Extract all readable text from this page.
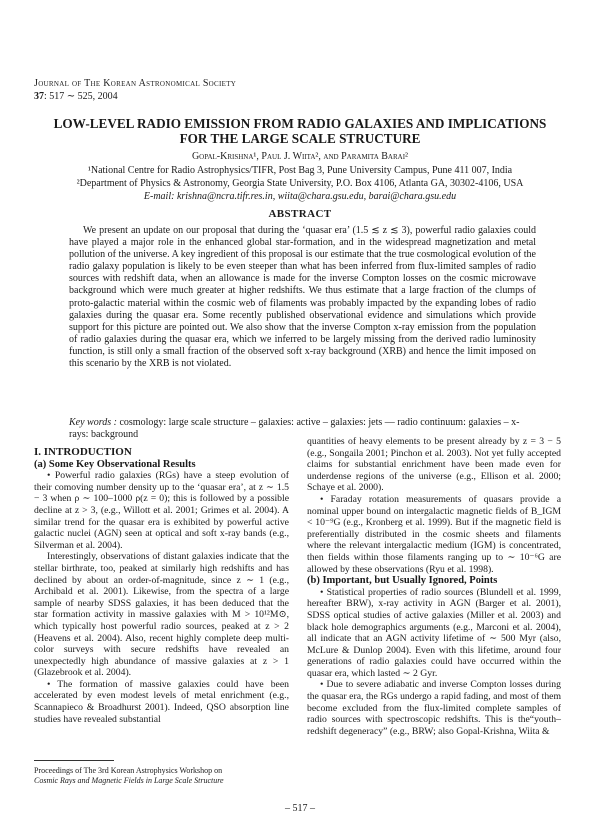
Journal of The Korean Astronomical Society
37: 517 ∼ 525, 2004
LOW-LEVEL RADIO EMISSION FROM RADIO GALAXIES AND IMPLICATIONS FOR THE LARGE SCALE STRUCTURE
Gopal-Krishna¹, Paul J. Wiita², and Paramita Barai²
¹National Centre for Radio Astrophysics/TIFR, Post Bag 3, Pune University Campus, Pune 411 007, India
²Department of Physics & Astronomy, Georgia State University, P.O. Box 4106, Atlanta GA, 30302-4106, USA
E-mail: krishna@ncra.tifr.res.in, wiita@chara.gsu.edu, barai@chara.gsu.edu
ABSTRACT
We present an update on our proposal that during the ‘quasar era’ (1.5 ≲ z ≲ 3), powerful radio galaxies could have played a major role in the enhanced global star-formation, and in the widespread magnetization and metal pollution of the universe. A key ingredient of this proposal is our estimate that the true cosmological evolution of the radio galaxy population is likely to be even steeper than what has been inferred from flux-limited samples of radio sources with redshift data, when an allowance is made for the inverse Compton losses on the cosmic microwave background which were much greater at higher redshifts. We thus estimate that a large fraction of the clumps of proto-galactic material within the cosmic web of filaments was probably impacted by the expanding lobes of radio galaxies during the quasar era. Some recently published observational evidence and simulations which provide support for this picture are pointed out. We also show that the inverse Compton x-ray emission from the population of radio galaxies during the quasar era, which we inferred to be largely missing from the derived radio luminosity function, is still only a small fraction of the observed soft x-ray background (XRB) and hence the limit imposed on this scenario by the XRB is not violated.
Key words : cosmology: large scale structure – galaxies: active – galaxies: jets — radio continuum: galaxies – x-rays: background

I. INTRODUCTION

(a) Some Key Observational Results

• Powerful radio galaxies (RGs) have a steep evolution of their comoving number density up to the ‘quasar era’, at z ∼ 1.5 − 3 when ρ ∼ 100–1000 ρ(z = 0); this is followed by a possible decline at z > 3, (e.g., Willott et al. 2001; Grimes et al. 2004). A similar trend for the quasar era is exhibited by powerful active galactic nuclei (AGN) seen at optical and soft x-ray bands (e.g., Silverman et al. 2004).

Interestingly, observations of distant galaxies indicate that the stellar birthrate, too, peaked at similarly high redshifts and has declined by about an order-of-magnitude, since z ∼ 1 (e.g., Archibald et al. 2001). Likewise, from the spectra of a large sample of nearby SDSS galaxies, it has been deduced that the star formation activity in massive galaxies with M > 10¹²M⊙, which typically host powerful radio sources, peaked at z > 2 (Heavens et al. 2004). Also, recent highly complete deep multi-color surveys with secure redshifts have revealed an unexpectedly high abundance of massive galaxies at z > 1 (Glazebrook et al. 2004).

• The formation of massive galaxies could have been accelerated by even modest levels of metal enrichment (e.g., Scannapieco & Broadhurst 2001). Indeed, QSO absorption line studies have revealed substantial

quantities of heavy elements to be present already by z = 3 − 5 (e.g., Songaila 2001; Pinchon et al. 2003). Not yet fully accepted claims for substantial enrichment have been made even for underdense regions of the universe (e.g., Ellison et al. 2000; Schaye et al. 2000).

• Faraday rotation measurements of quasars provide a nominal upper bound on intergalactic magnetic fields of B_IGM < 10⁻⁹G (e.g., Kronberg et al. 1999). But if the magnetic field is preferentially distributed in the cosmic sheets and filaments where the relevant intergalactic medium (IGM) is concentrated, then fields within those filaments ranging up to ∼ 10⁻⁶G are allowed by these observations (Ryu et al. 1998).

(b) Important, but Usually Ignored, Points

• Statistical properties of radio sources (Blundell et al. 1999, hereafter BRW), x-ray activity in AGN (Barger et al. 2001), SDSS optical studies of active galaxies (Miller et al. 2003) and black hole demographics arguments (e.g., Marconi et al. 2004), all indicate that an AGN activity lifetime of ∼ 500 Myr (also, McLure & Dunlop 2004). Even with this lifetime, around four generations of radio galaxies could have occurred within the quasar era, which lasted ∼ 2 Gyr.

• Due to severe adiabatic and inverse Compton losses during the quasar era, the RGs undergo a rapid fading, and most of them become excluded from the flux-limited complete samples of radio sources with spectroscopic redshifts. This is the“youth–redshift degeneracy” (e.g., BRW; also Gopal-Krishna, Wiita &

Proceedings of The 3rd Korean Astrophysics Workshop on
Cosmic Rays and Magnetic Fields in Large Scale Structure
– 517 –
